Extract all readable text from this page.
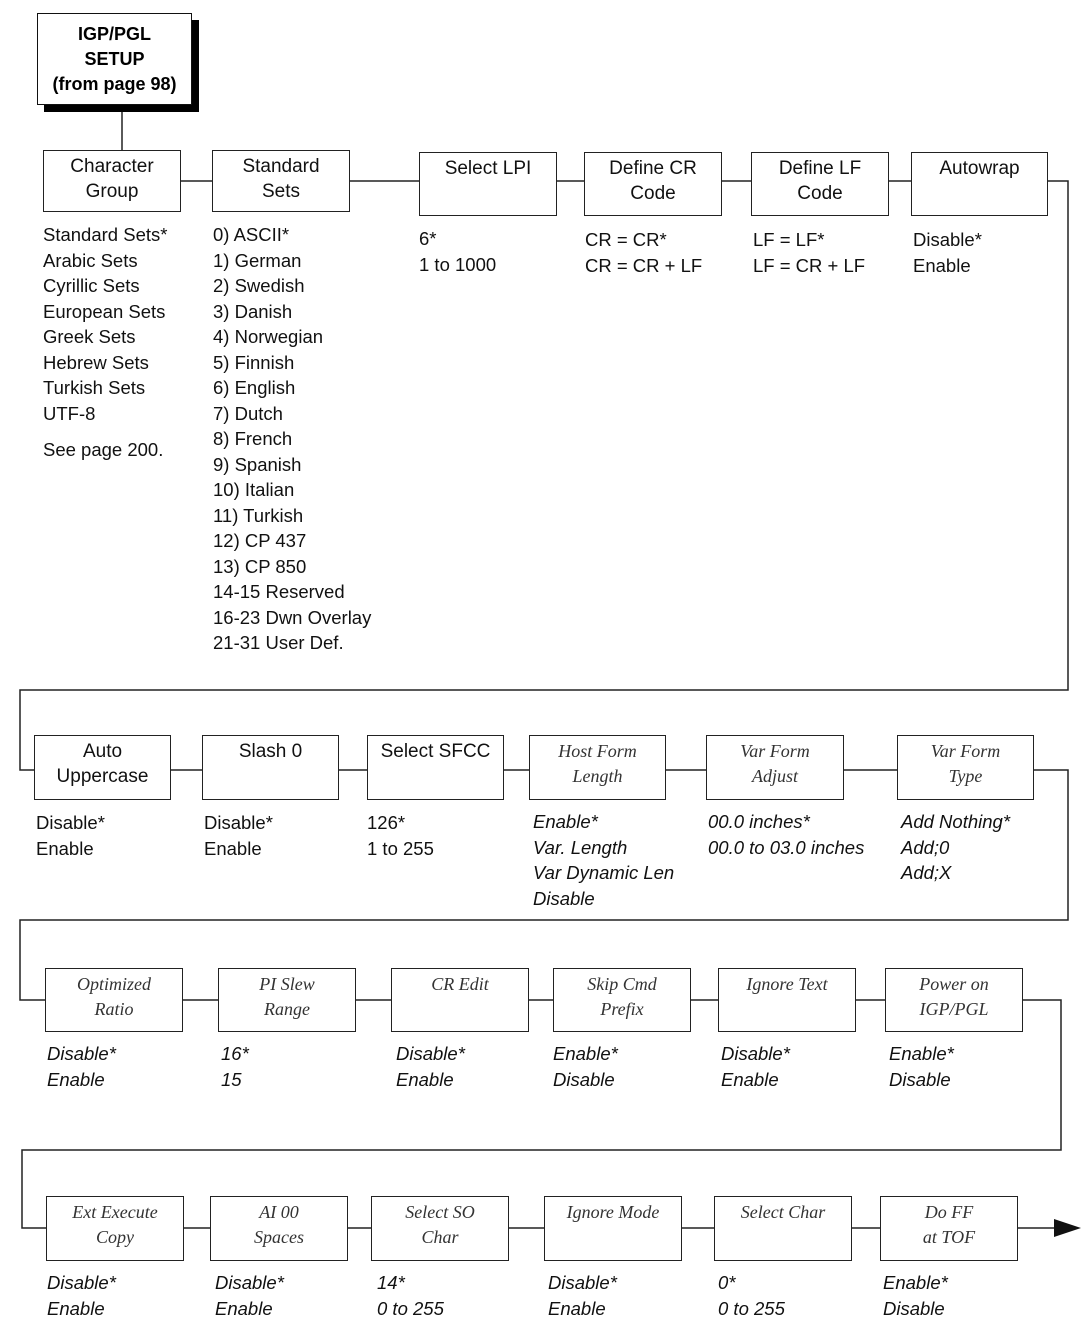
IGP/PGL
SETUP
(from page 98)
Character
Group
Standard
Sets
Select LPI	Define CR
Code
Define LF
Code
Autowrap
Standard Sets*
Arabic Sets
Cyrillic Sets
European Sets
Greek Sets
Hebrew Sets
Turkish Sets
UTF-8
See page 200.
0) ASCII*
1) German
2) Swedish
3) Danish
4) Norwegian
5) Finnish
6) English
7) Dutch
8) French
9) Spanish
10) Italian
11) Turkish
12) CP 437
13) CP 850
14-15 Reserved
16-23 Dwn Overlay
21-31 User Def.
6*
1 to 1000
CR = CR*
CR = CR + LF
LF = LF*
LF = CR + LF
Disable*
Enable
Auto
Uppercase
Slash 0	Select SFCC	Host Form
Length
Var Form
Adjust
Var Form
Type
Disable*
Enable
Disable*
Enable
126*
1 to 255
Enable*
Var. Length
Var Dynamic Len
Disable
00.0 inches*
00.0 to 03.0 inches
Add Nothing*
Add;0
Add;X
Optimized
Ratio
PI Slew
Range
CR Edit	Skip Cmd
Prefix
Ignore Text	Power on
IGP/PGL
Disable*
Enable
16*
15
Disable*
Enable
Enable*
Disable
Disable*
Enable
Enable*
Disable
Ext Execute
Copy
AI 00
Spaces
Select SO
Char
Ignore Mode	Select Char	Do FF
at TOF
Disable*
Enable
Disable*
Enable
14*
0 to 255
Disable*
Enable
0*
0 to 255
Enable*
Disable
